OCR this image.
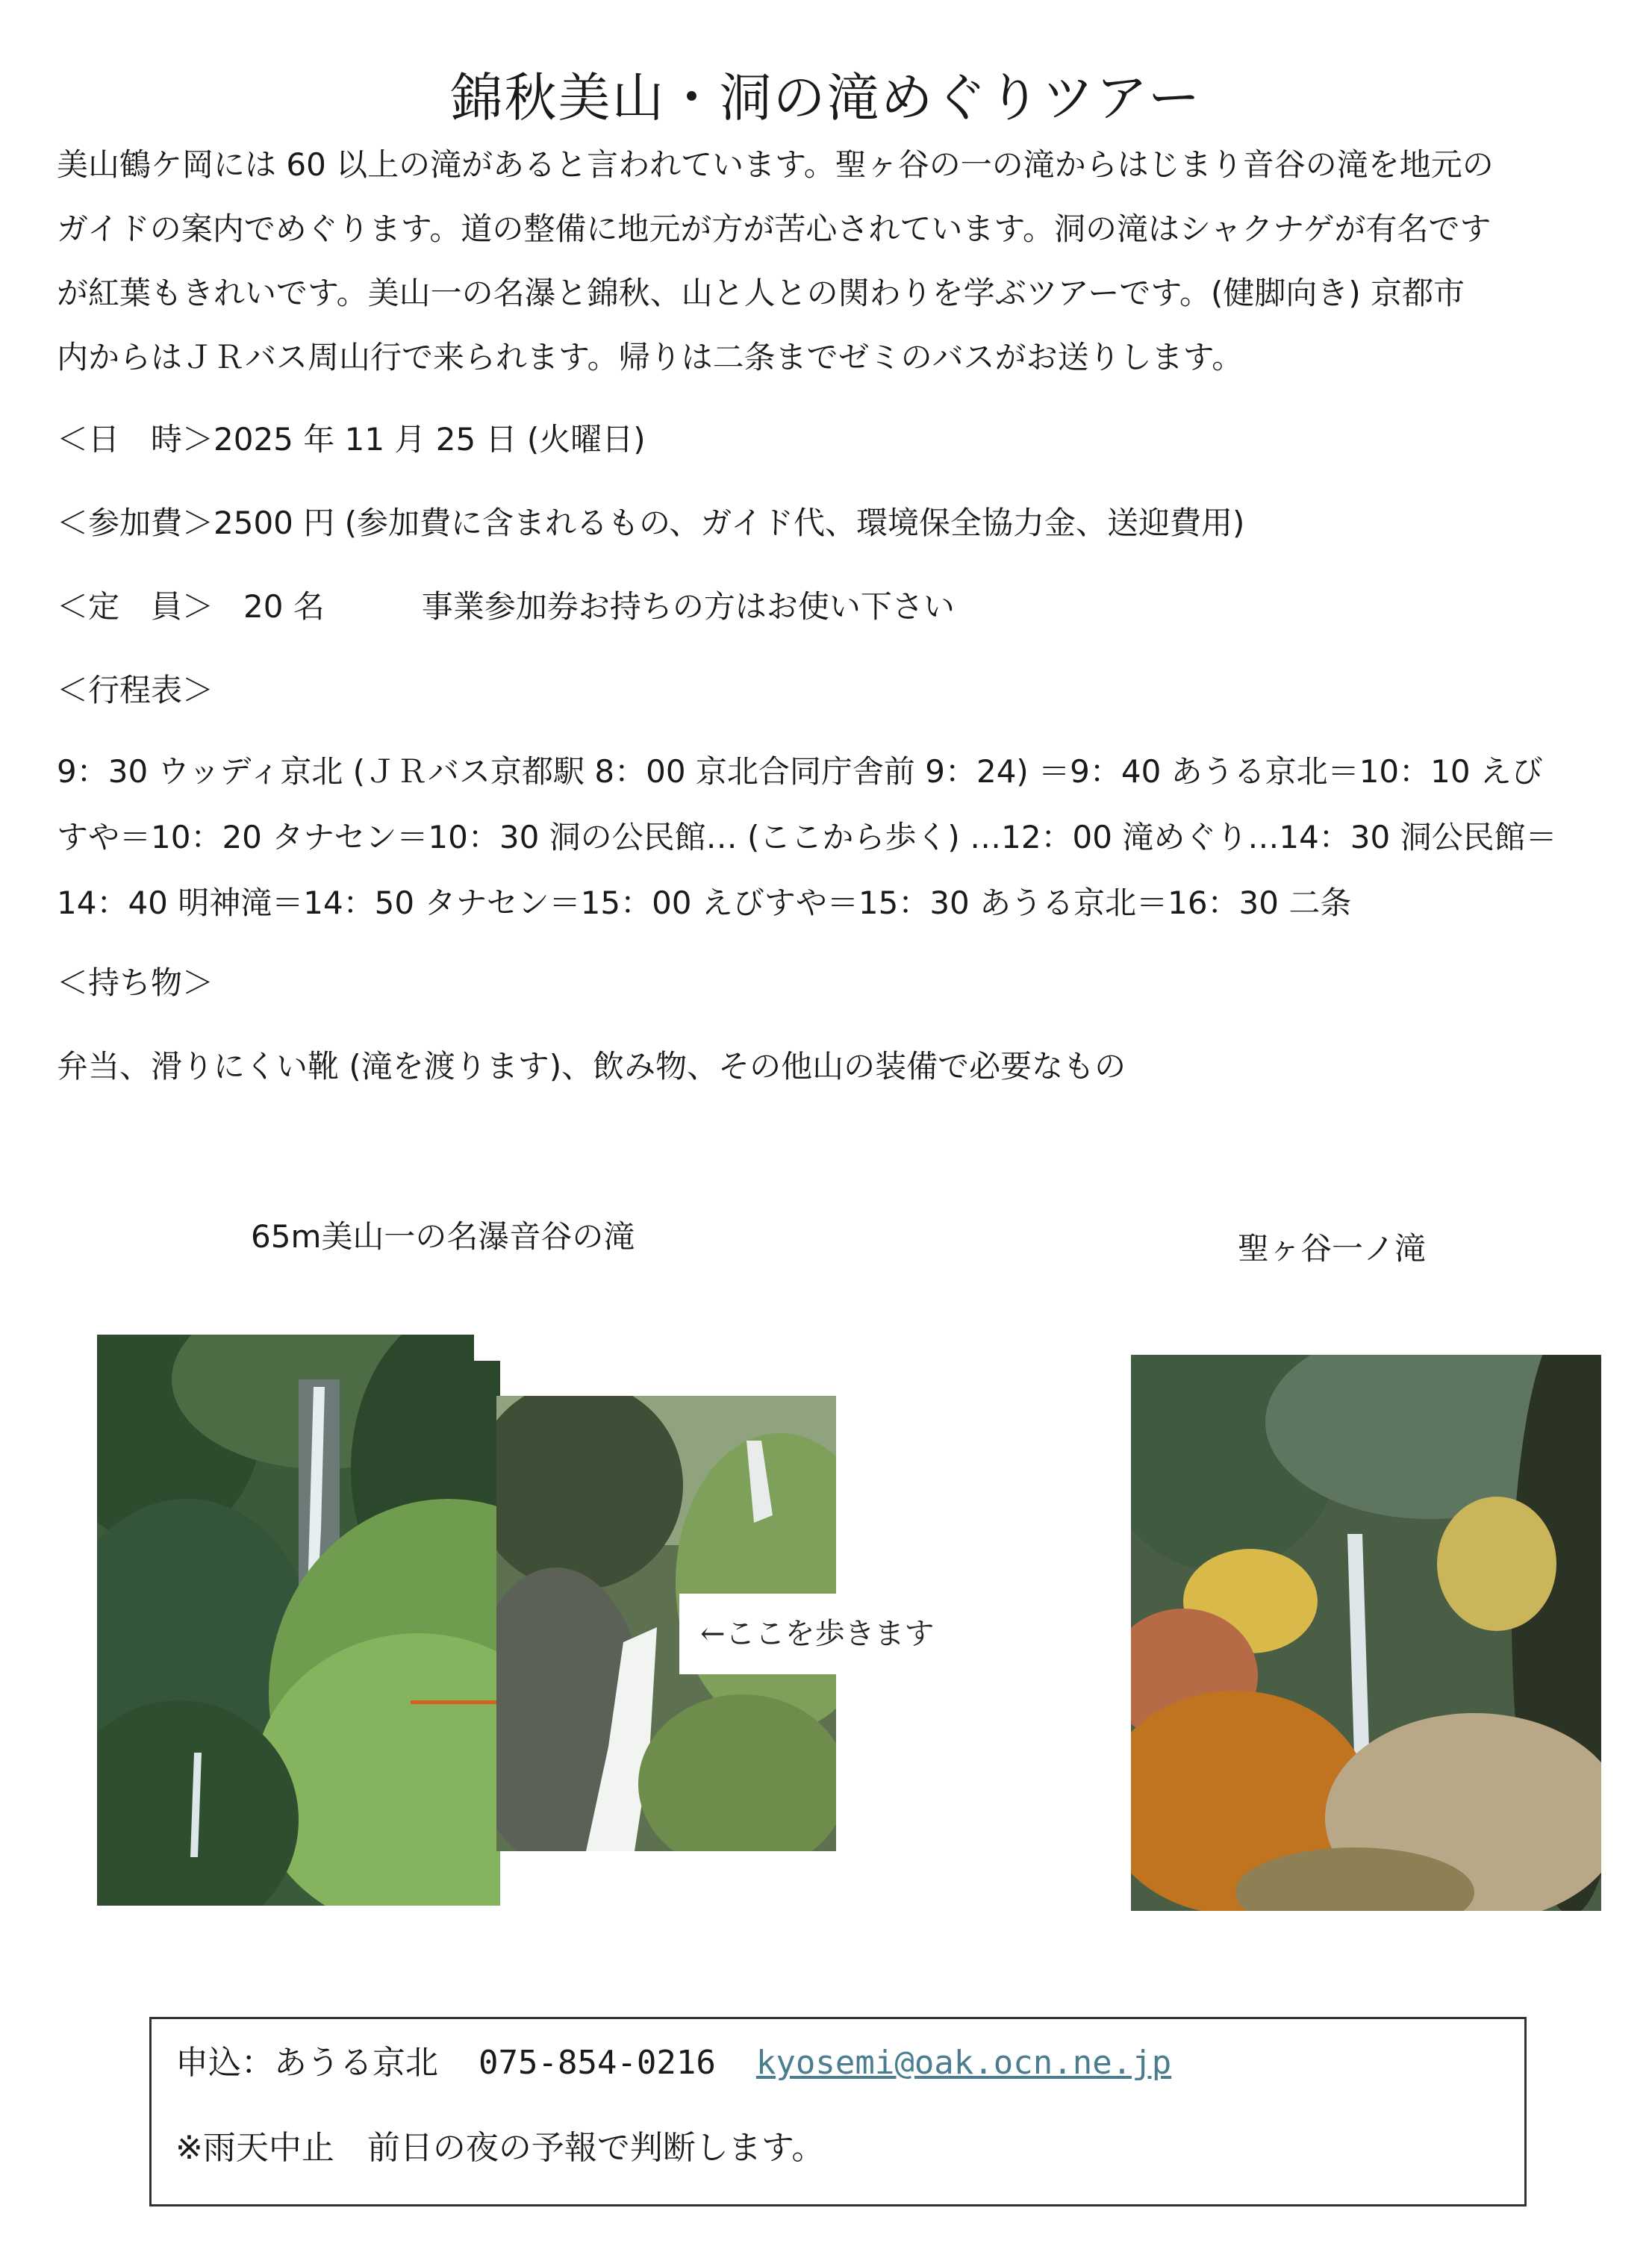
錦秋美山・洞の滝めぐりツアー

美山鶴ケ岡には 60 以上の滝があると言われています。聖ヶ谷の一の滝からはじまり音谷の滝を地元の

ガイドの案内でめぐります。道の整備に地元が方が苦心されています。洞の滝はシャクナゲが有名です

が紅葉もきれいです。美山一の名瀑と錦秋、山と人との関わりを学ぶツアーです。(健脚向き) 京都市

内からはＪＲバス周山行で来られます。帰りは二条までゼミのバスがお送りします。

＜日　時＞2025 年 11 月 25 日 (火曜日)
＜参加費＞2500 円 (参加費に含まれるもの、ガイド代、環境保全協力金、送迎費用)
＜定　員＞ 20 名	事業参加券お持ちの方はお使い下さい
＜行程表＞
9：30 ウッディ京北 (ＪＲバス京都駅 8：00 京北合同庁舎前 9：24) ＝9：40 あうる京北＝10：10 えび
すや＝10：20 タナセン＝10：30 洞の公民館… (ここから歩く) …12：00 滝めぐり…14：30 洞公民館＝
14：40 明神滝＝14：50 タナセン＝15：00 えびすや＝15：30 あうる京北＝16：30 二条
＜持ち物＞
弁当、滑りにくい靴 (滝を渡ります)、飲み物、その他山の装備で必要なもの
65m美山一の名瀑音谷の滝	聖ヶ谷一ノ滝
←ここを歩きます
申込：あうる京北 075-854-0216 kyosemi@oak.ocn.ne.jp
※雨天中止　前日の夜の予報で判断します。
